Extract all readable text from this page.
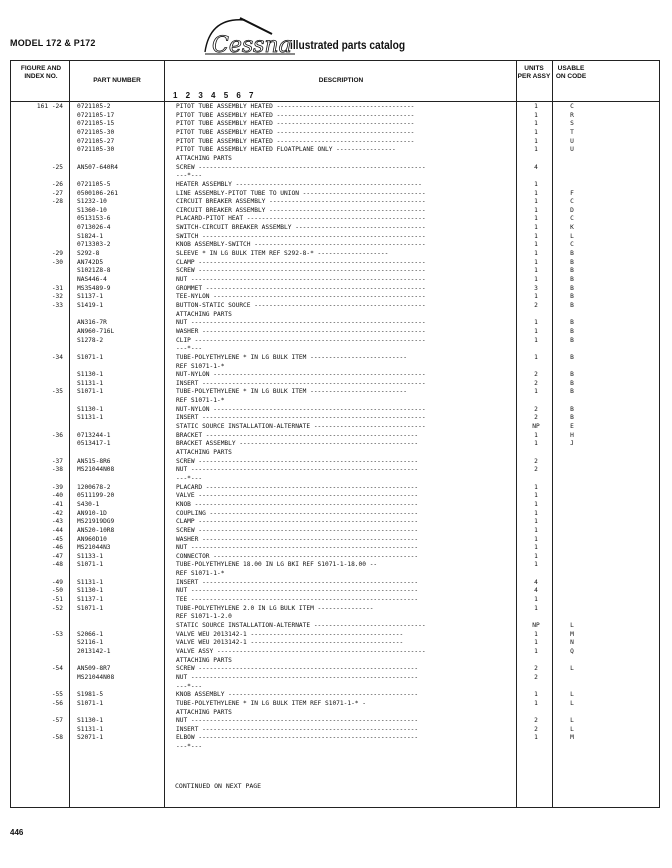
MODEL 172 & P172	Cessna
illustrated parts catalog
FIGURE AND INDEX NO.
PART NUMBER	DESCRIPTION
UNITS PER ASSY
USABLE ON CODE
1 2 3 4 5 6 7
161 -24 0721105-2	PITOT TUBE ASSEMBLY HEATED -------------------------------------	1	C
0721105-17	PITOT TUBE ASSEMBLY HEATED -------------------------------------	1	R
0721105-15	PITOT TUBE ASSEMBLY HEATED -------------------------------------	1	S
0721105-30	PITOT TUBE ASSEMBLY HEATED -------------------------------------	1	T
0721105-27	PITOT TUBE ASSEMBLY HEATED -------------------------------------	1	U
0721105-30	PITOT TUBE ASSEMBLY HEATED FLOATPLANE ONLY ----------------	1	U
ATTACHING PARTS
-25 AN507-640R4	SCREW -------------------------------------------------------------	4
---*---
-26 0721105-5	HEATER ASSEMBLY --------------------------------------------------	1
-27 0500106-261	LINE ASSEMBLY-PITOT TUBE TO UNION ---------------------------------	1	F
-28 S1232-10	CIRCUIT BREAKER ASSEMBLY ------------------------------------------	1	C
S1360-10	CIRCUIT BREAKER ASSEMBLY ------------------------------------------	1	D
0513153-6	PLACARD-PITOT HEAT ------------------------------------------------	1	C
0713026-4	SWITCH-CIRCUIT BREAKER ASSEMBLY -----------------------------------	1	K
S1824-1	SWITCH ------------------------------------------------------------	1	L
0713303-2	KNOB ASSEMBLY-SWITCH ----------------------------------------------	1	C
-29 S292-8	SLEEVE * IN LG BULK ITEM REF S292-8-* -------------------	1	B
-30 AN742D5	CLAMP -------------------------------------------------------------	1	B
S1021Z8-8	SCREW -------------------------------------------------------------	1	B
NAS446-4	NUT ---------------------------------------------------------------	1	B
-31 MS35489-9	GROMMET -----------------------------------------------------------	3	B
-32 S1137-1	TEE-NYLON ---------------------------------------------------------	1	B
-33 S1419-1	BUTTON-STATIC SOURCE ----------------------------------------------	2	B
ATTACHING PARTS
AN316-7R	NUT ---------------------------------------------------------------	1	B
AN960-716L	WASHER ------------------------------------------------------------	1	B
S1278-2	CLIP --------------------------------------------------------------	1	B
---*---
-34 S1071-1	TUBE-POLYETHYLENE * IN LG BULK ITEM --------------------------	1	B
REF S1071-1-*
S1130-1	NUT-NYLON ---------------------------------------------------------	2	B
S1131-1	INSERT ------------------------------------------------------------	2	B
-35 S1071-1	TUBE-POLYETHYLENE * IN LG BULK ITEM --------------------------	1	B
REF S1071-1-*
S1130-1	NUT-NYLON ---------------------------------------------------------	2	B
S1131-1	INSERT ------------------------------------------------------------	2	B
STATIC SOURCE INSTALLATION-ALTERNATE ------------------------------	NP	E
-36 0713244-1	BRACKET ---------------------------------------------------------	1	H
0513417-1	BRACKET ASSEMBLY ------------------------------------------------	1	J
ATTACHING PARTS
-37 AN515-8R6	SCREW -----------------------------------------------------------	2
-38 MS21044N08	NUT -------------------------------------------------------------	2
---*---
-39 1200678-2	PLACARD ---------------------------------------------------------	1
-40 0511199-20	VALVE -----------------------------------------------------------	1
-41 S430-1	KNOB ------------------------------------------------------------	1
-42 AN910-1D	COUPLING --------------------------------------------------------	1
-43 MS21919DG9	CLAMP -----------------------------------------------------------	1
-44 AN520-10R8	SCREW -----------------------------------------------------------	1
-45 AN960D10	WASHER ----------------------------------------------------------	1
-46 MS21044N3	NUT -------------------------------------------------------------	1
-47 S1133-1	CONNECTOR -------------------------------------------------------	1
-48 S1071-1	TUBE-POLYETHYLENE 18.00 IN LG BKI REF S1071-1-18.00 --	1
REF S1071-1-*
-49 S1131-1	INSERT ----------------------------------------------------------	4
-50 S1130-1	NUT -------------------------------------------------------------	4
-51 S1137-1	TEE -------------------------------------------------------------	1
-52 S1071-1	TUBE-POLYETHYLENE 2.0 IN LG BULK ITEM ---------------	1
REF S1071-1-2.0
STATIC SOURCE INSTALLATION-ALTERNATE ------------------------------	NP	L
-53 S2066-1	VALVE WEU 2013142-1 -----------------------------------------	1	M
S2116-1	VALVE WEU 2013142-1 -----------------------------------------	1	N
2013142-1	VALVE ASSY --------------------------------------------------------	1	Q
ATTACHING PARTS
-54 AN509-8R7	SCREW -----------------------------------------------------------	2	L
MS21044N08	NUT -------------------------------------------------------------	2
---*---
-55 S1981-5	KNOB ASSEMBLY ---------------------------------------------------	1	L
-56 S1071-1	TUBE-POLYETHYLENE * IN LG BULK ITEM REF S1071-1-* -	1	L
ATTACHING PARTS
-57 S1130-1	NUT -------------------------------------------------------------	2	L
S1131-1	INSERT ----------------------------------------------------------	2	L
-58 S2071-1	ELBOW -----------------------------------------------------------	1	M
---*---
CONTINUED ON NEXT PAGE
446
